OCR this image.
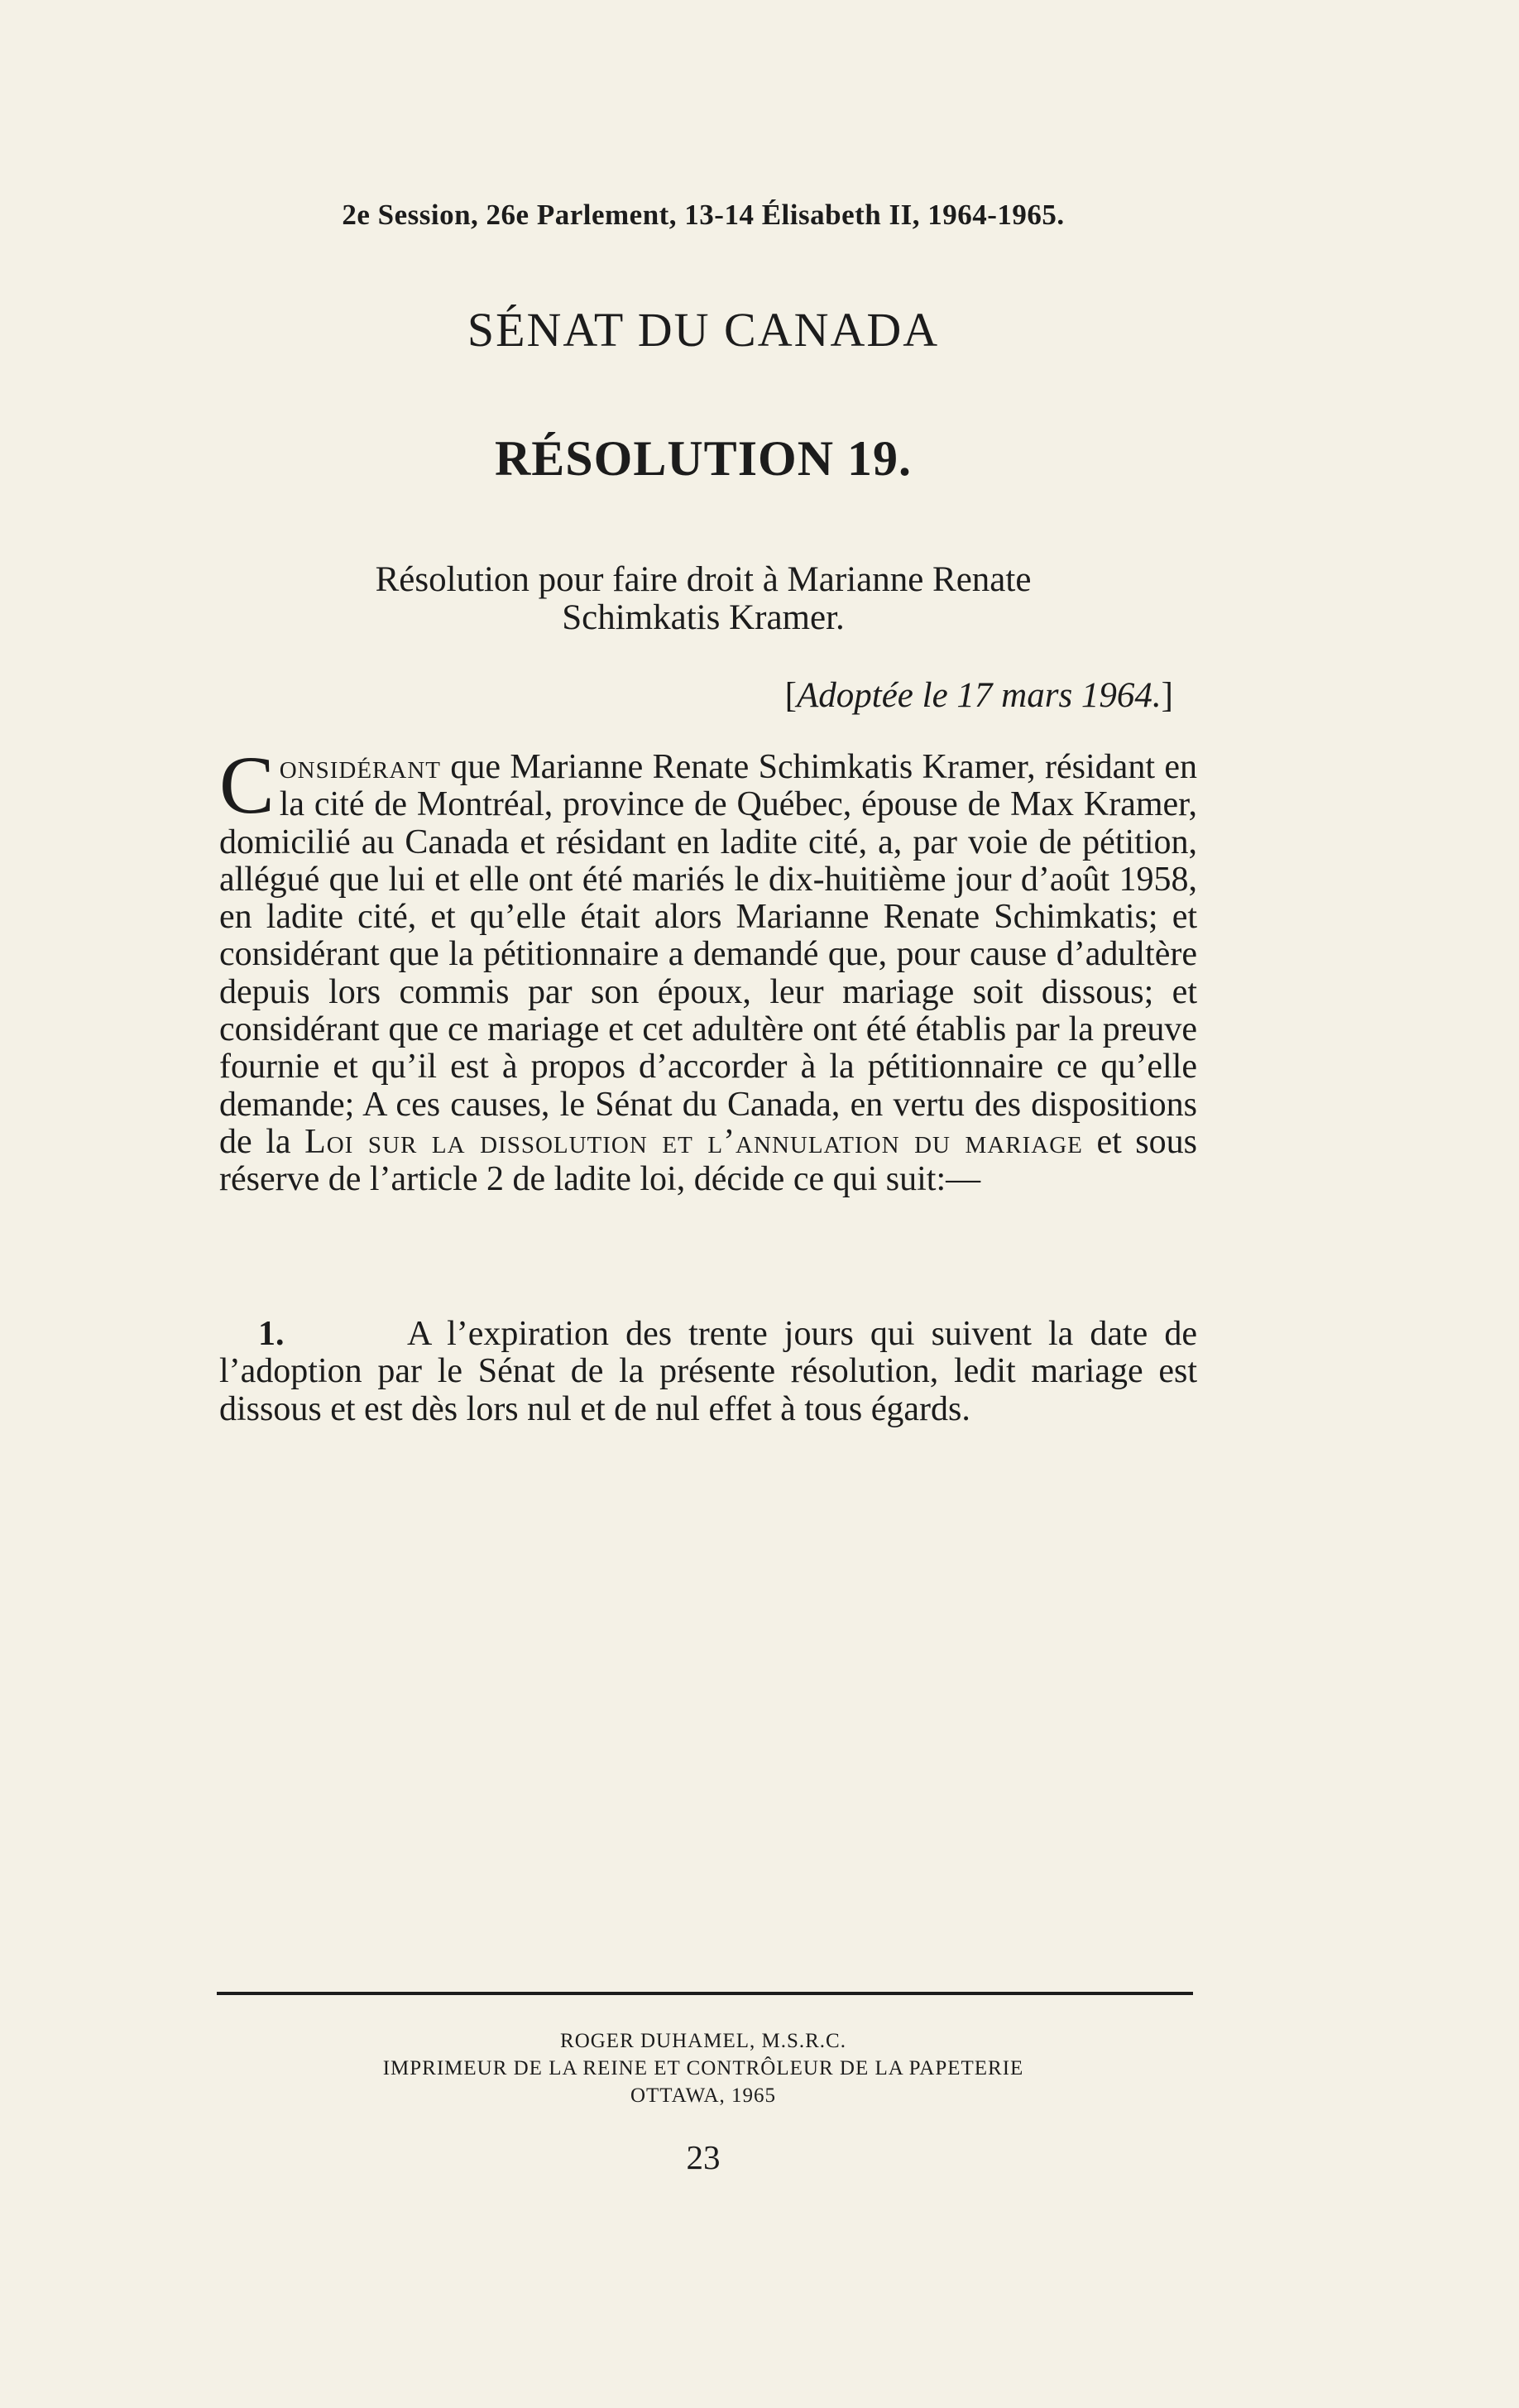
2e Session, 26e Parlement, 13-14 Élisabeth II, 1964-1965.
SÉNAT DU CANADA
RÉSOLUTION 19.
Résolution pour faire droit à Marianne Renate
Schimkatis Kramer.
[Adoptée le 17 mars 1964.]
Considérant que Marianne Renate Schimkatis Kramer, résidant en la cité de Montréal, province de Québec, épouse de Max Kramer, domicilié au Canada et résidant en ladite cité, a, par voie de pétition, allégué que lui et elle ont été mariés le dix-huitième jour d’août 1958, en ladite cité, et qu’elle était alors Marianne Renate Schimkatis; et considérant que la pétitionnaire a demandé que, pour cause d’adultère depuis lors commis par son époux, leur mariage soit dissous; et considérant que ce mariage et cet adultère ont été établis par la preuve fournie et qu’il est à propos d’accorder à la pétitionnaire ce qu’elle demande; A ces causes, le Sénat du Canada, en vertu des dispositions de la Loi sur la dissolution et l’annulation du mariage et sous réserve de l’article 2 de ladite loi, décide ce qui suit:—
1.	A l’expiration des trente jours qui suivent la date de l’adoption par le Sénat de la présente résolution, ledit mariage est dissous et est dès lors nul et de nul effet à tous égards.
ROGER DUHAMEL, M.S.R.C.
IMPRIMEUR DE LA REINE ET CONTRÔLEUR DE LA PAPETERIE
OTTAWA, 1965
23
